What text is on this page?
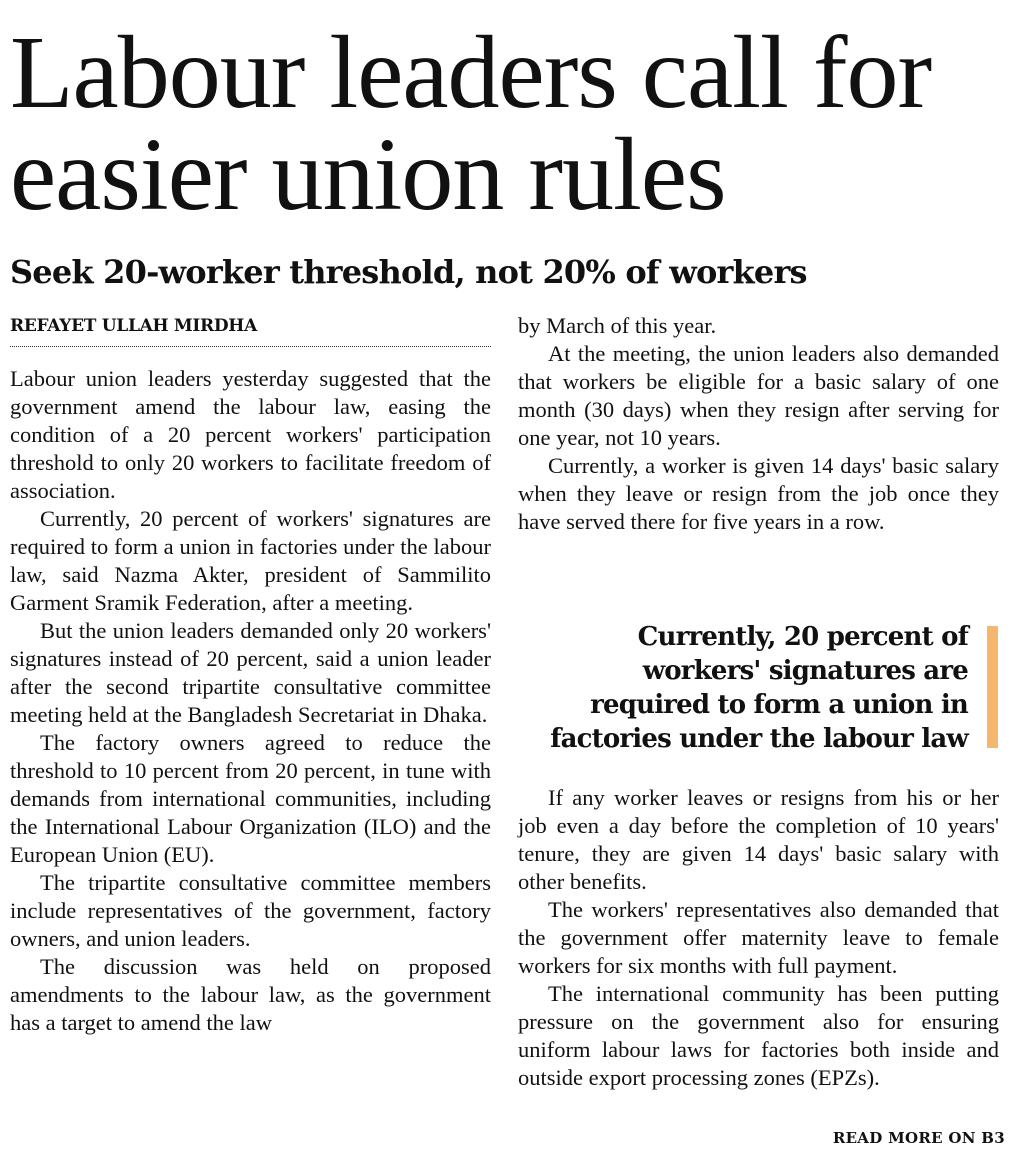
Labour leaders call for easier union rules
Seek 20-worker threshold, not 20% of workers

REFAYET ULLAH MIRDHA

Labour union leaders yesterday suggested that the government amend the labour law, easing the condition of a 20 percent workers' participation threshold to only 20 workers to facilitate freedom of association.

Currently, 20 percent of workers' signatures are required to form a union in factories under the labour law, said Nazma Akter, president of Sammilito Garment Sramik Federation, after a meeting.

But the union leaders demanded only 20 workers' signatures instead of 20 percent, said a union leader after the second tripartite consultative committee meeting held at the Bangladesh Secretariat in Dhaka.

The factory owners agreed to reduce the threshold to 10 percent from 20 percent, in tune with demands from international communities, including the International Labour Organization (ILO) and the European Union (EU).

The tripartite consultative committee members include representatives of the government, factory owners, and union leaders.

The discussion was held on proposed amendments to the labour law, as the government has a target to amend the law

by March of this year.

At the meeting, the union leaders also demanded that workers be eligible for a basic salary of one month (30 days) when they resign after serving for one year, not 10 years.

Currently, a worker is given 14 days' basic salary when they leave or resign from the job once they have served there for five years in a row.

Currently, 20 percent of workers' signatures are required to form a union in factories under the labour law

If any worker leaves or resigns from his or her job even a day before the completion of 10 years' tenure, they are given 14 days' basic salary with other benefits.

The workers' representatives also demanded that the government offer maternity leave to female workers for six months with full payment.

The international community has been putting pressure on the government also for ensuring uniform labour laws for factories both inside and outside export processing zones (EPZs).

READ MORE ON B3
